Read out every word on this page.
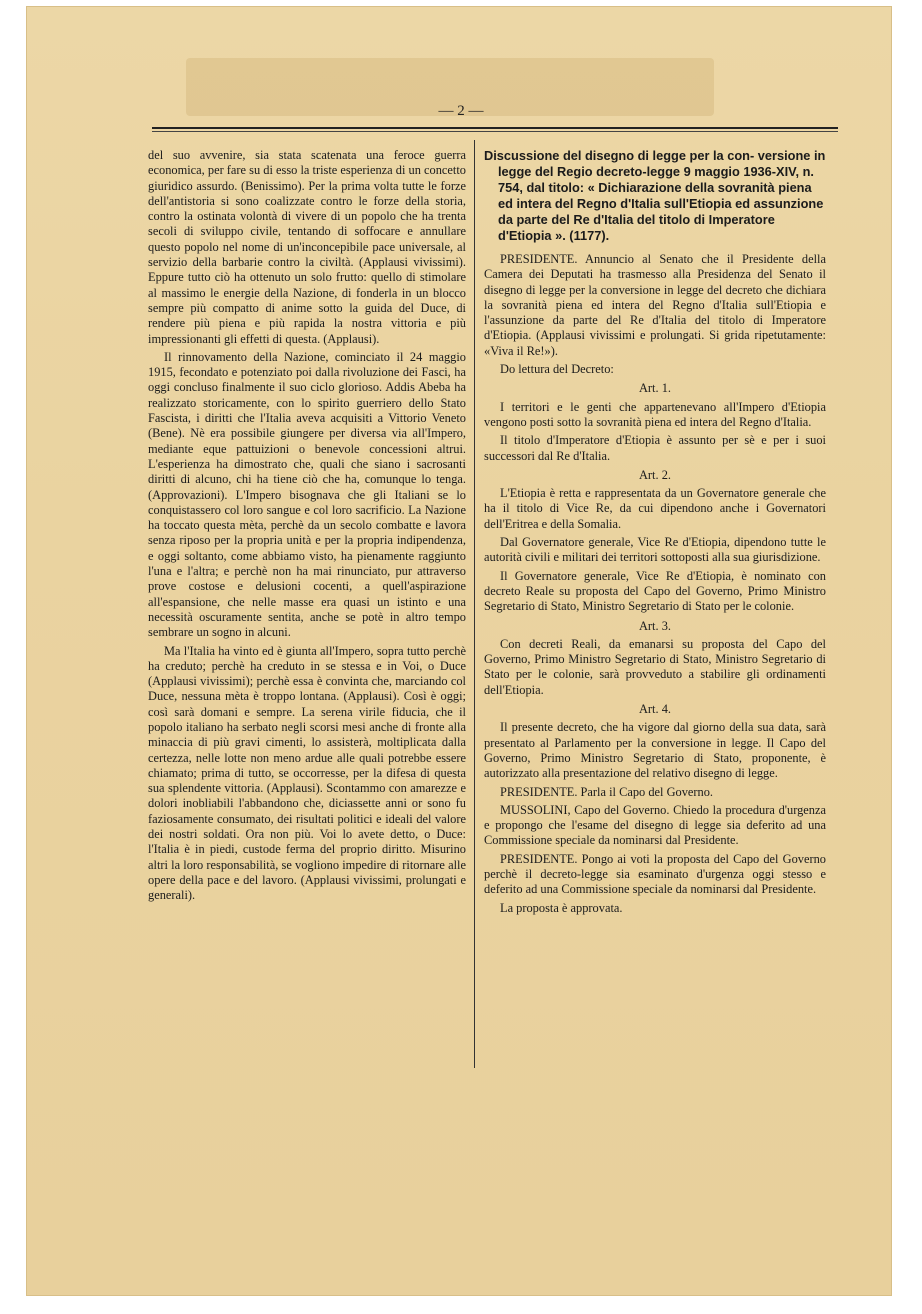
— 2 —

del suo avvenire, sia stata scatenata una feroce guerra economica, per fare su di esso la triste esperienza di un concetto giuridico assurdo. (Benissimo). Per la prima volta tutte le forze dell'antistoria si sono coalizzate contro le forze della storia, contro la ostinata volontà di vivere di un popolo che ha trenta secoli di sviluppo civile, tentando di soffocare e annullare questo popolo nel nome di un'inconcepibile pace universale, al servizio della barbarie contro la civiltà. (Applausi vivissimi). Eppure tutto ciò ha ottenuto un solo frutto: quello di stimolare al massimo le energie della Nazione, di fonderla in un blocco sempre più compatto di anime sotto la guida del Duce, di rendere più piena e più rapida la nostra vittoria e più impressionanti gli effetti di questa. (Applausi).

Il rinnovamento della Nazione, cominciato il 24 maggio 1915, fecondato e potenziato poi dalla rivoluzione dei Fasci, ha oggi concluso finalmente il suo ciclo glorioso. Addis Abeba ha realizzato storicamente, con lo spirito guerriero dello Stato Fascista, i diritti che l'Italia aveva acquisiti a Vittorio Veneto (Bene). Nè era possibile giungere per diversa via all'Impero, mediante eque pattuizioni o benevole concessioni altrui. L'esperienza ha dimostrato che, quali che siano i sacrosanti diritti di alcuno, chi ha tiene ciò che ha, comunque lo tenga. (Approvazioni). L'Impero bisognava che gli Italiani se lo conquistassero col loro sangue e col loro sacrificio. La Nazione ha toccato questa mèta, perchè da un secolo combatte e lavora senza riposo per la propria unità e per la propria indipendenza, e oggi soltanto, come abbiamo visto, ha pienamente raggiunto l'una e l'altra; e perchè non ha mai rinunciato, pur attraverso prove costose e delusioni cocenti, a quell'aspirazione all'espansione, che nelle masse era quasi un istinto e una necessità oscuramente sentita, anche se potè in altro tempo sembrare un sogno in alcuni.

Ma l'Italia ha vinto ed è giunta all'Impero, sopra tutto perchè ha creduto; perchè ha creduto in se stessa e in Voi, o Duce (Applausi vivissimi); perchè essa è convinta che, marciando col Duce, nessuna mèta è troppo lontana. (Applausi). Così è oggi; così sarà domani e sempre. La serena virile fiducia, che il popolo italiano ha serbato negli scorsi mesi anche di fronte alla minaccia di più gravi cimenti, lo assisterà, moltiplicata dalla certezza, nelle lotte non meno ardue alle quali potrebbe essere chiamato; prima di tutto, se occorresse, per la difesa di questa sua splendente vittoria. (Applausi). Scontammo con amarezze e dolori inobliabili l'abbandono che, diciassette anni or sono fu faziosamente consumato, dei risultati politici e ideali del valore dei nostri soldati. Ora non più. Voi lo avete detto, o Duce: l'Italia è in piedi, custode ferma del proprio diritto. Misurino altri la loro responsabilità, se vogliono impedire di ritornare alle opere della pace e del lavoro. (Applausi vivissimi, prolungati e generali).

Discussione del disegno di legge per la con- versione in legge del Regio decreto-legge 9 maggio 1936-XIV, n. 754, dal titolo: « Dichiarazione della sovranità piena ed intera del Regno d'Italia sull'Etiopia ed assunzione da parte del Re d'Italia del titolo di Imperatore d'Etiopia ». (1177).

PRESIDENTE. Annuncio al Senato che il Presidente della Camera dei Deputati ha trasmesso alla Presidenza del Senato il disegno di legge per la conversione in legge del decreto che dichiara la sovranità piena ed intera del Regno d'Italia sull'Etiopia e l'assunzione da parte del Re d'Italia del titolo di Imperatore d'Etiopia. (Applausi vivissimi e prolungati. Si grida ripetutamente: «Viva il Re!»).

Do lettura del Decreto:

Art. 1.

I territori e le genti che appartenevano all'Impero d'Etiopia vengono posti sotto la sovranità piena ed intera del Regno d'Italia.

Il titolo d'Imperatore d'Etiopia è assunto per sè e per i suoi successori dal Re d'Italia.

Art. 2.

L'Etiopia è retta e rappresentata da un Governatore generale che ha il titolo di Vice Re, da cui dipendono anche i Governatori dell'Eritrea e della Somalia.

Dal Governatore generale, Vice Re d'Etiopia, dipendono tutte le autorità civili e militari dei territori sottoposti alla sua giurisdizione.

Il Governatore generale, Vice Re d'Etiopia, è nominato con decreto Reale su proposta del Capo del Governo, Primo Ministro Segretario di Stato, Ministro Segretario di Stato per le colonie.

Art. 3.

Con decreti Reali, da emanarsi su proposta del Capo del Governo, Primo Ministro Segretario di Stato, Ministro Segretario di Stato per le colonie, sarà provveduto a stabilire gli ordinamenti dell'Etiopia.

Art. 4.

Il presente decreto, che ha vigore dal giorno della sua data, sarà presentato al Parlamento per la conversione in legge. Il Capo del Governo, Primo Ministro Segretario di Stato, proponente, è autorizzato alla presentazione del relativo disegno di legge.

PRESIDENTE. Parla il Capo del Governo.

MUSSOLINI, Capo del Governo. Chiedo la procedura d'urgenza e propongo che l'esame del disegno di legge sia deferito ad una Commissione speciale da nominarsi dal Presidente.

PRESIDENTE. Pongo ai voti la proposta del Capo del Governo perchè il decreto-legge sia esaminato d'urgenza oggi stesso e deferito ad una Commissione speciale da nominarsi dal Presidente.

La proposta è approvata.
